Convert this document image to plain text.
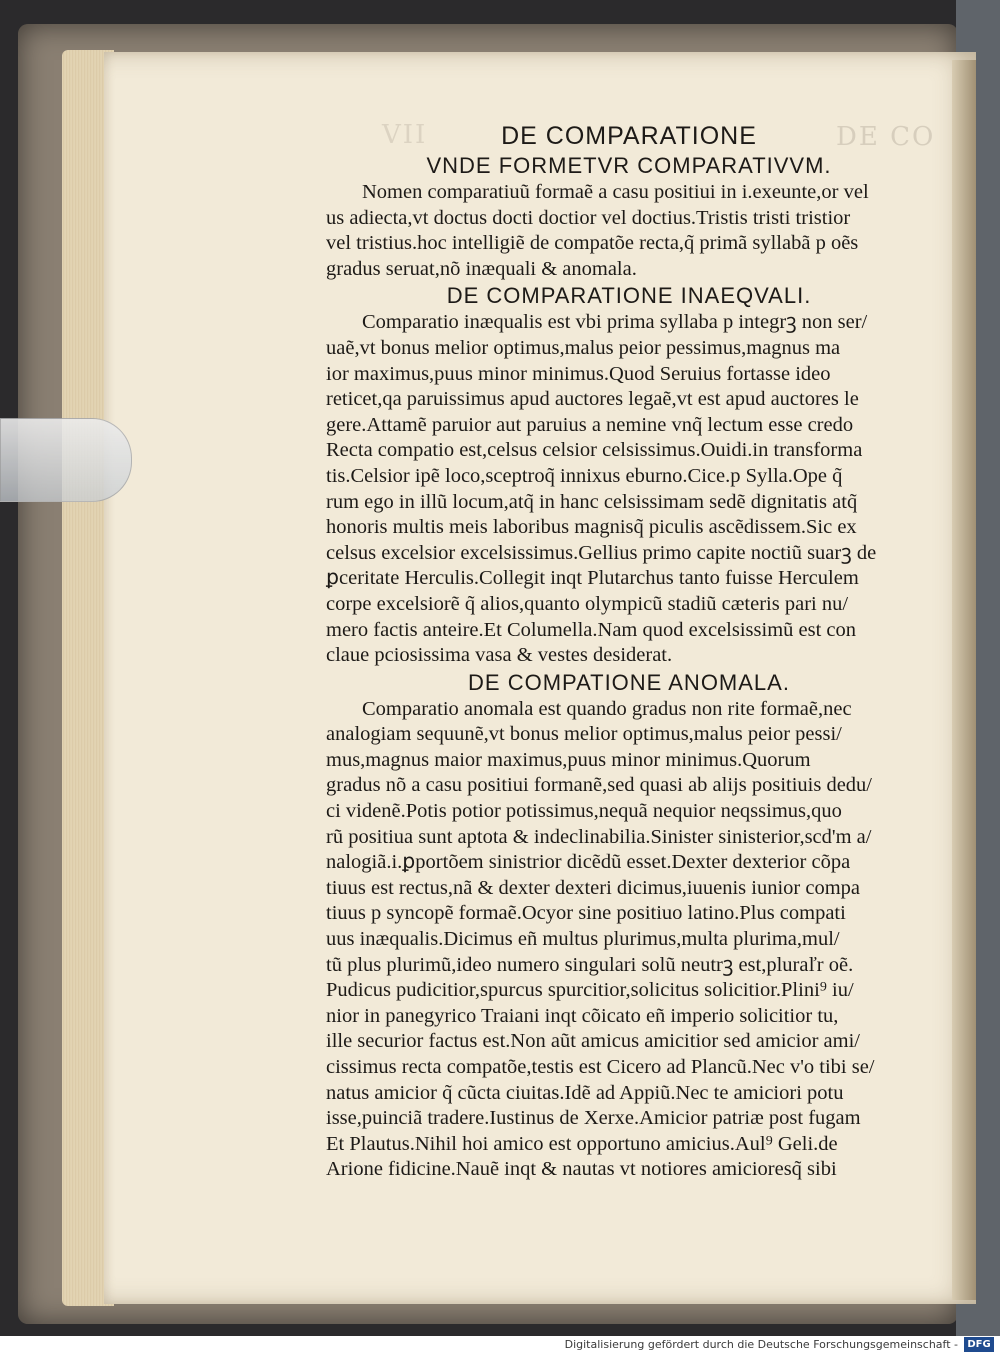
VII	DE CO

DE COMPARATIONE

VNDE FORMETVR COMPARATIVVM.

Nomen comparatiuũ formaẽ a casu positiui in i.exeunte,or vel

us adiecta,vt doctus docti doctior vel doctius.Tristis tristi tristior

vel tristius.hoc intelligiẽ de compatõe recta,q̃ primã syllabã p oẽs

gradus seruat,nõ inæquali & anomala.

DE COMPARATIONE INAEQVALI.

Comparatio inæqualis est vbi prima syllaba p integrꝫ non ser/

uaẽ,vt bonus melior optimus,malus peior pessimus,magnus ma

ior maximus,puus minor minimus.Quod Seruius fortasse ideo

reticet,qa paruissimus apud auctores legaẽ,vt est apud auctores le

gere.Attamẽ paruior aut paruius a nemine vnq̃ lectum esse credo

Recta compatio est,celsus celsior celsissimus.Ouidi.in transforma

tis.Celsior ipẽ loco,sceptroq̃ innixus eburno.Cice.p Sylla.Ope q̃

rum ego in illũ locum,atq̃ in hanc celsissimam sedẽ dignitatis atq̃

honoris multis meis laboribus magnisq̃ piculis ascẽdissem.Sic ex

celsus excelsior excelsissimus.Gellius primo capite noctiũ suarꝫ de

ꝑceritate Herculis.Collegit inqt Plutarchus tanto fuisse Herculem

corpe excelsiorẽ q̃ alios,quanto olympicũ stadiũ cæteris pari nu/

mero factis anteire.Et Columella.Nam quod excelsissimũ est con

claue pciosissima vasa & vestes desiderat.

DE COMPATIONE ANOMALA.

Comparatio anomala est quando gradus non rite formaẽ,nec

analogiam sequunẽ,vt bonus melior optimus,malus peior pessi/

mus,magnus maior maximus,puus minor minimus.Quorum

gradus nõ a casu positiui formanẽ,sed quasi ab alijs positiuis dedu/

ci videnẽ.Potis potior potissimus,nequã nequior neqssimus,quo

rũ positiua sunt aptota & indeclinabilia.Sinister sinisterior,scd'm a/

nalogiã.i.ꝑportõem sinistrior dicẽdũ esset.Dexter dexterior cõpa

tiuus est rectus,nã & dexter dexteri dicimus,iuuenis iunior compa

tiuus p syncopẽ formaẽ.Ocyor sine positiuo latino.Plus compati

uus inæqualis.Dicimus eñ multus plurimus,multa plurima,mul/

tũ plus plurimũ,ideo numero singulari solũ neutrꝫ est,pluraľr oẽ.

Pudicus pudicitior,spurcus spurcitior,solicitus solicitior.Plini⁹ iu/

nior in panegyrico Traiani inqt cõicato eñ imperio solicitior tu,

ille securior factus est.Non aũt amicus amicitior sed amicior ami/

cissimus recta compatõe,testis est Cicero ad Plancũ.Nec v'o tibi se/

natus amicior q̃ cũcta ciuitas.Idẽ ad Appiũ.Nec te amiciori potu

isse,puinciã tradere.Iustinus de Xerxe.Amicior patriæ post fugam

Et Plautus.Nihil hoi amico est opportuno amicius.Aul⁹ Geli.de

Arione fidicine.Nauẽ inqt & nautas vt notiores amicioresq̃ sibi

Digitalisierung gefördert durch die Deutsche Forschungsgemeinschaft - DFG
